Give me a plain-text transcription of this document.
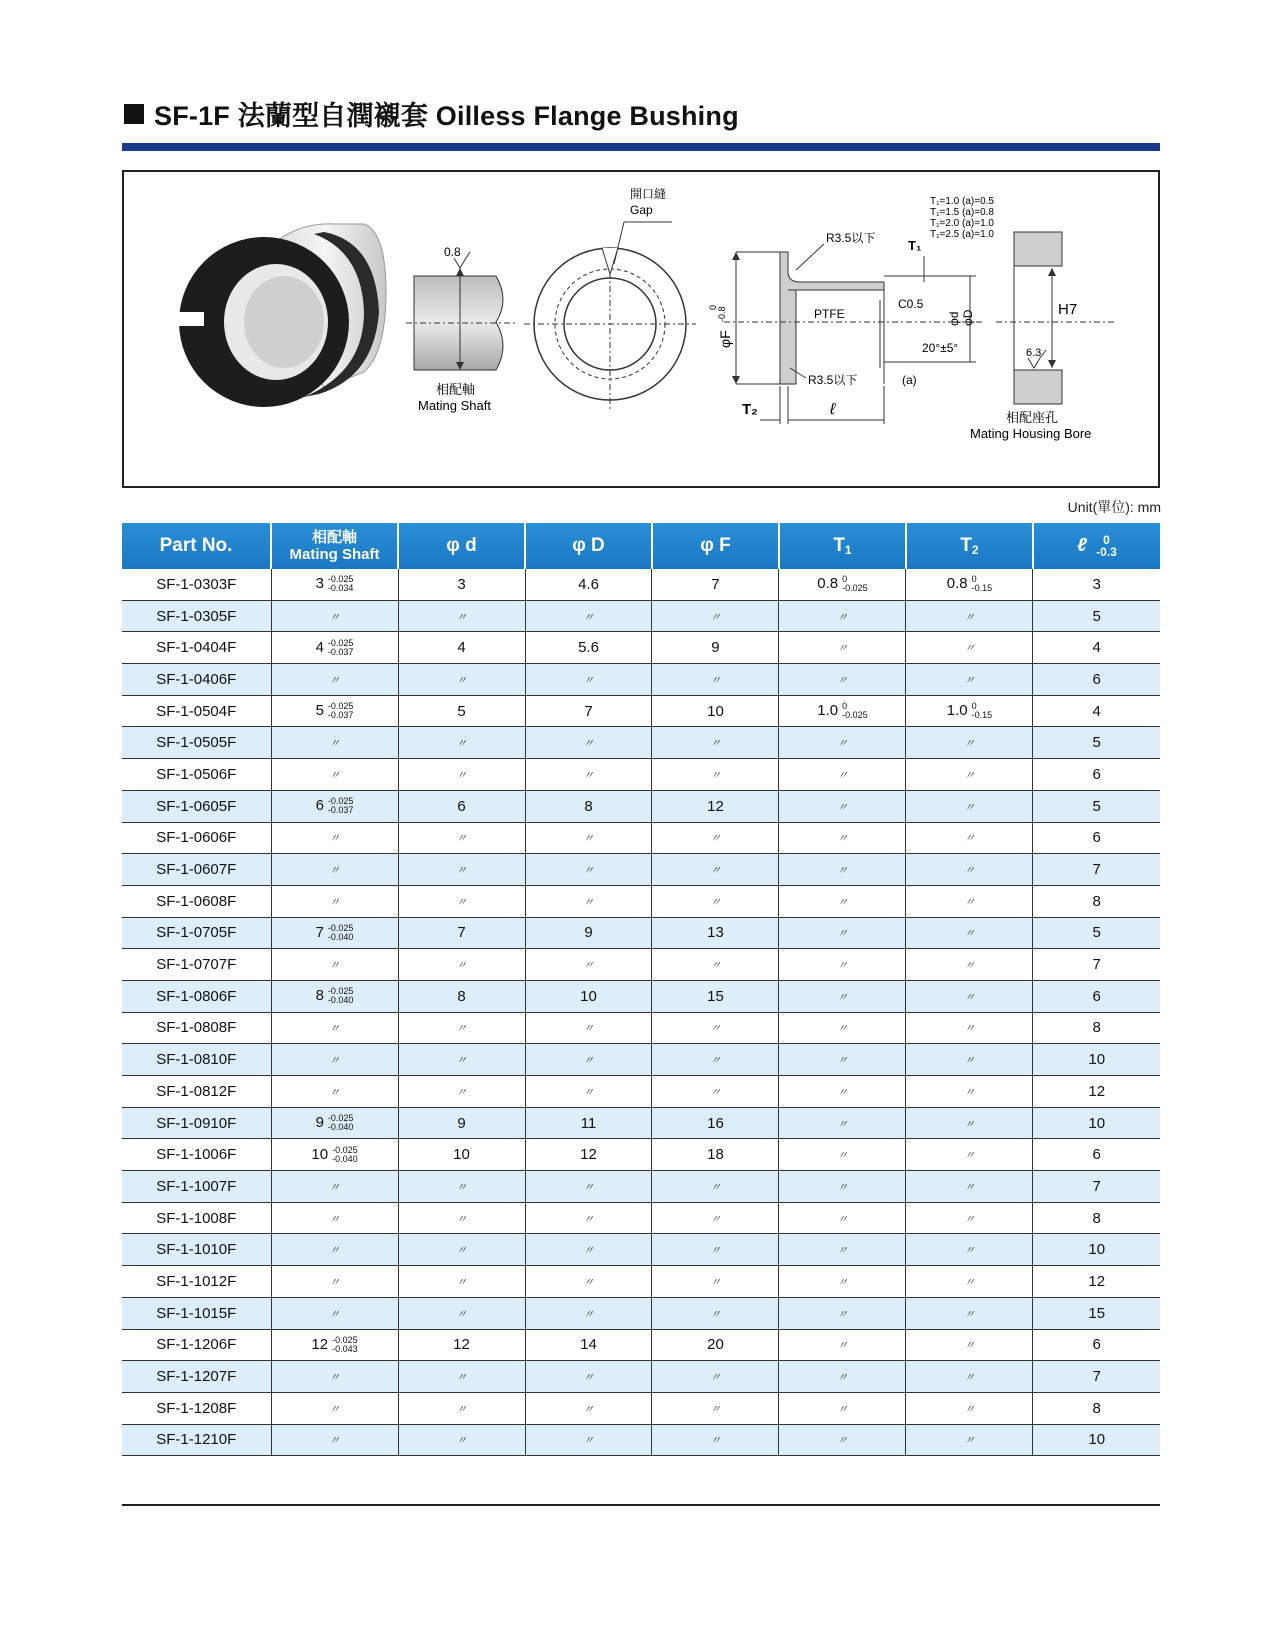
SF-1F 法蘭型自潤襯套 Oilless Flange Bushing
0.8
相配軸
Mating Shaft
開口縫
Gap
φF
0 -0.8
T₂	ℓ
PTFE
R3.5以下
R3.5以下
C0.5
20°±5°
(a)
φd φD
T₁
T₁=1.0 (a)=0.5
T₁=1.5 (a)=0.8
T₁=2.0 (a)=1.0
T₁=2.5 (a)=1.0
H7
6.3
相配座孔
Mating Housing Bore
Unit(單位): mm
Part No.	相配軸
Mating Shaft	φ d	φ D	φ F	$T_1$	$T_2$	ℓ 0
-0.3

SF-1-0303F	3 -0.025
-0.034	3	4.6	7	0.8 0
-0.025	0.8 0
-0.15	3
SF-1-0305F	〃	〃	〃	〃	〃	〃	5
SF-1-0404F	4 -0.025
-0.037	4	5.6	9	〃	〃	4
SF-1-0406F	〃	〃	〃	〃	〃	〃	6
SF-1-0504F	5 -0.025
-0.037	5	7	10	1.0 0
-0.025	1.0 0
-0.15	4
SF-1-0505F	〃	〃	〃	〃	〃	〃	5
SF-1-0506F	〃	〃	〃	〃	〃	〃	6
SF-1-0605F	6 -0.025
-0.037	6	8	12	〃	〃	5
SF-1-0606F	〃	〃	〃	〃	〃	〃	6
SF-1-0607F	〃	〃	〃	〃	〃	〃	7
SF-1-0608F	〃	〃	〃	〃	〃	〃	8
SF-1-0705F	7 -0.025
-0.040	7	9	13	〃	〃	5
SF-1-0707F	〃	〃	〃	〃	〃	〃	7
SF-1-0806F	8 -0.025
-0.040	8	10	15	〃	〃	6
SF-1-0808F	〃	〃	〃	〃	〃	〃	8
SF-1-0810F	〃	〃	〃	〃	〃	〃	10
SF-1-0812F	〃	〃	〃	〃	〃	〃	12
SF-1-0910F	9 -0.025
-0.040	9	11	16	〃	〃	10
SF-1-1006F	10 -0.025
-0.040	10	12	18	〃	〃	6
SF-1-1007F	〃	〃	〃	〃	〃	〃	7
SF-1-1008F	〃	〃	〃	〃	〃	〃	8
SF-1-1010F	〃	〃	〃	〃	〃	〃	10
SF-1-1012F	〃	〃	〃	〃	〃	〃	12
SF-1-1015F	〃	〃	〃	〃	〃	〃	15
SF-1-1206F	12 -0.025
-0.043	12	14	20	〃	〃	6
SF-1-1207F	〃	〃	〃	〃	〃	〃	7
SF-1-1208F	〃	〃	〃	〃	〃	〃	8
SF-1-1210F	〃	〃	〃	〃	〃	〃	10
